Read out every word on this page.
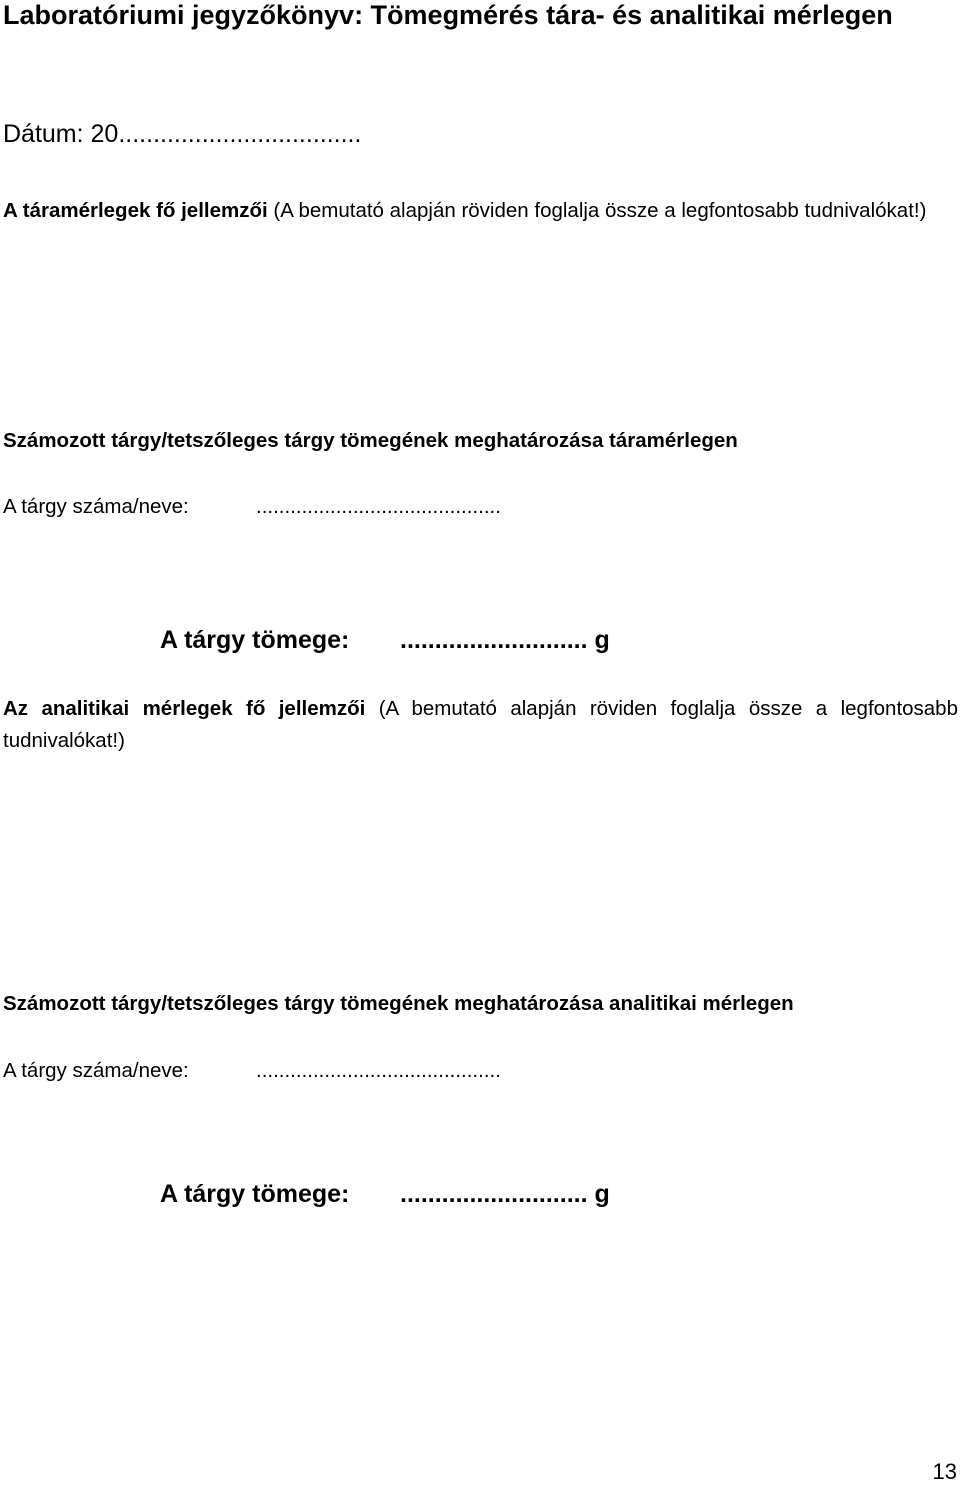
Laboratóriumi jegyzőkönyv: Tömegmérés tára- és analitikai mérlegen
Dátum: 20...................................

A táramérlegek fő jellemzői (A bemutató alapján röviden foglalja össze a legfontosabb tudnivalókat!)

Számozott tárgy/tetszőleges tárgy tömegének meghatározása táramérlegen
A tárgy száma/neve:	...........................................
A tárgy tömege: ........................... g

Az analitikai mérlegek fő jellemzői (A bemutató alapján röviden foglalja össze a legfontosabb tudnivalókat!)

Számozott tárgy/tetszőleges tárgy tömegének meghatározása analitikai mérlegen
A tárgy száma/neve:	...........................................
A tárgy tömege: ........................... g
13
